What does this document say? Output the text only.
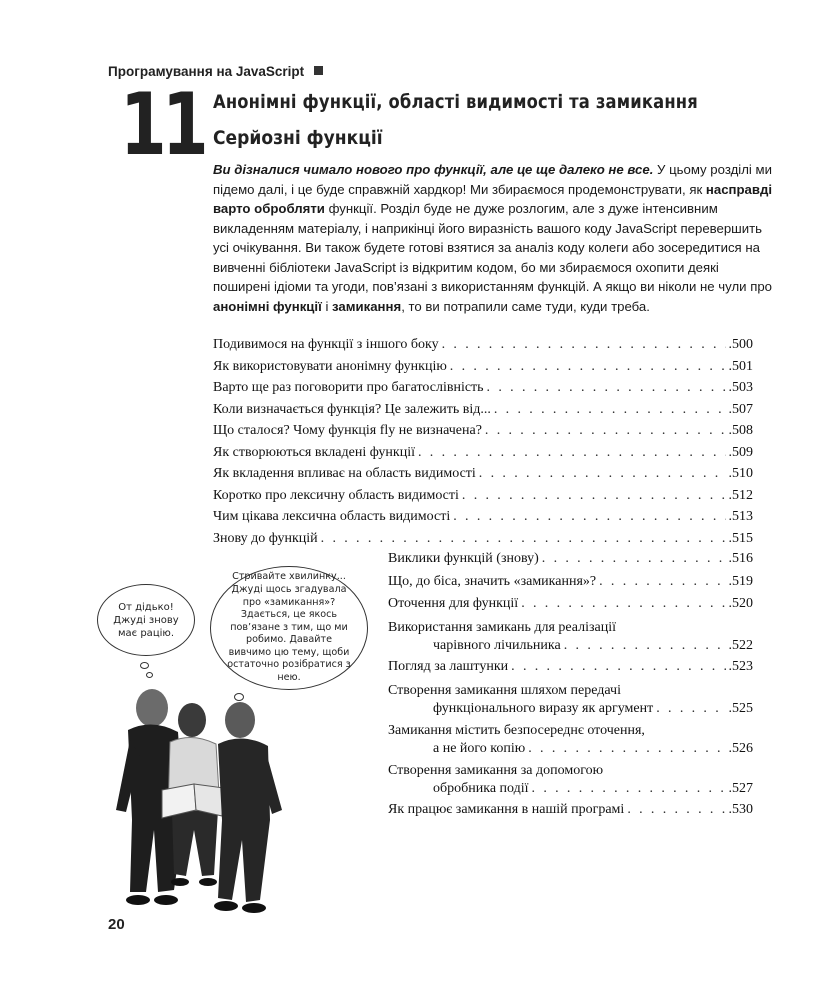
Програмування на JavaScript
11 Анонімні функції, області видимості та замикання
Серйозні функції
Ви дізналися чимало нового про функції, але це ще далеко не все. У цьому розділі ми підемо далі, і це буде справжній хардкор! Ми збираємося продемонструвати, як насправді варто обробляти функції. Розділ буде не дуже розлогим, але з дуже інтенсивним викладенням матеріалу, і наприкінці його виразність вашого коду JavaScript перевершить усі очікування. Ви також будете готові взятися за аналіз коду колеги або зосередитися на вивченні бібліотеки JavaScript із відкритим кодом, бо ми збираємося охопити деякі поширені ідіоми та угоди, пов’язані з використанням функцій. А якщо ви ніколи не чули про анонімні функції і замикання, то ви потрапили саме туди, куди треба.
Подивимося на функції з іншого боку . . .	.500
Як використовувати анонімну функцію . . .	.501
Варто ще раз поговорити про багатослівність . . .	.503
Коли визначається функція? Це залежить від... . . .	.507
Що сталося? Чому функція fly не визначена? . . .	.508
Як створюються вкладені функції . . .	.509
Як вкладення впливає на область видимості . . .	.510
Коротко про лексичну область видимості . . .	.512
Чим цікава лексична область видимості . . .	.513
Знову до функцій . . .	.515
Виклики функцій (знову) . . .	.516
Що, до біса, значить «замикання»? . . .	.519
Оточення для функції . . .	.520
Використання замикань для реалізації
чарівного лічильника . . .	.522
Погляд за лаштунки . . .	.523
Створення замикання шляхом передачі
функціонального виразу як аргумент . . .	.525
Замикання містить безпосереднє оточення,
а не його копію . . .	.526
Створення замикання за допомогою
обробника події . . .	.527
Як працює замикання в нашій програмі . . .	.530
От дідько! Джуді знову має рацію.
Стривайте хвилинку... Джуді щось згадувала про «замикання»? Здається, це якось пов’язане з тим, що ми робимо. Давайте вивчимо цю тему, щоби остаточно розібратися з нею.
20
